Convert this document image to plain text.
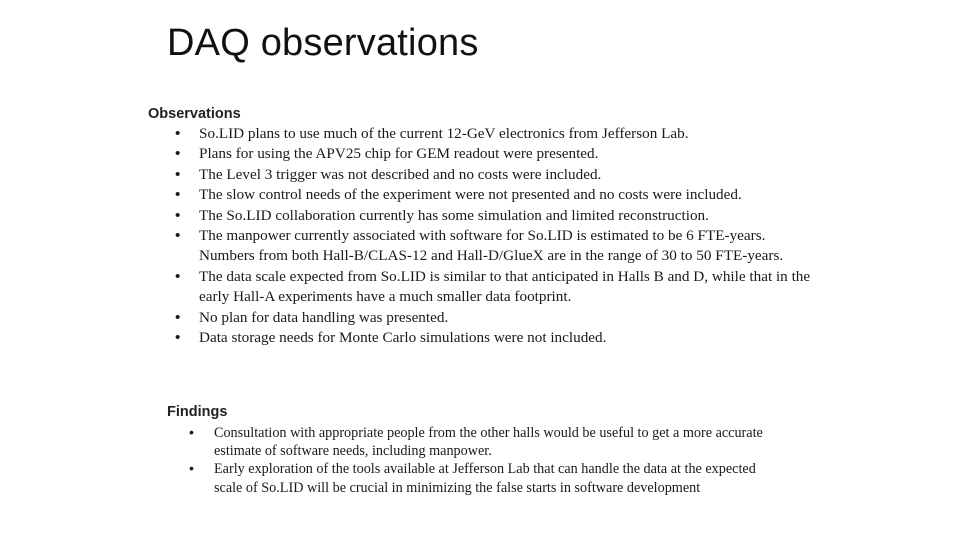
DAQ observations
Observations
• So.LID plans to use much of the current 12-GeV electronics from Jefferson Lab.
• Plans for using the APV25 chip for GEM readout were presented.
• The Level 3 trigger was not described and no costs were included.
• The slow control needs of the experiment were not presented and no costs were included.
• The So.LID collaboration currently has some simulation and limited reconstruction.
• The manpower currently associated with software for So.LID is estimated to be 6 FTE-years. Numbers from both Hall-B/CLAS-12 and Hall-D/GlueX are in the range of 30 to 50 FTE-years.
• The data scale expected from So.LID is similar to that anticipated in Halls B and D, while that in the early Hall-A experiments have a much smaller data footprint.
• No plan for data handling was presented.
• Data storage needs for Monte Carlo simulations were not included.
Findings
• Consultation with appropriate people from the other halls would be useful to get a more accurate estimate of software needs, including manpower.
• Early exploration of the tools available at Jefferson Lab that can handle the data at the expected scale of So.LID will be crucial in minimizing the false starts in software development
